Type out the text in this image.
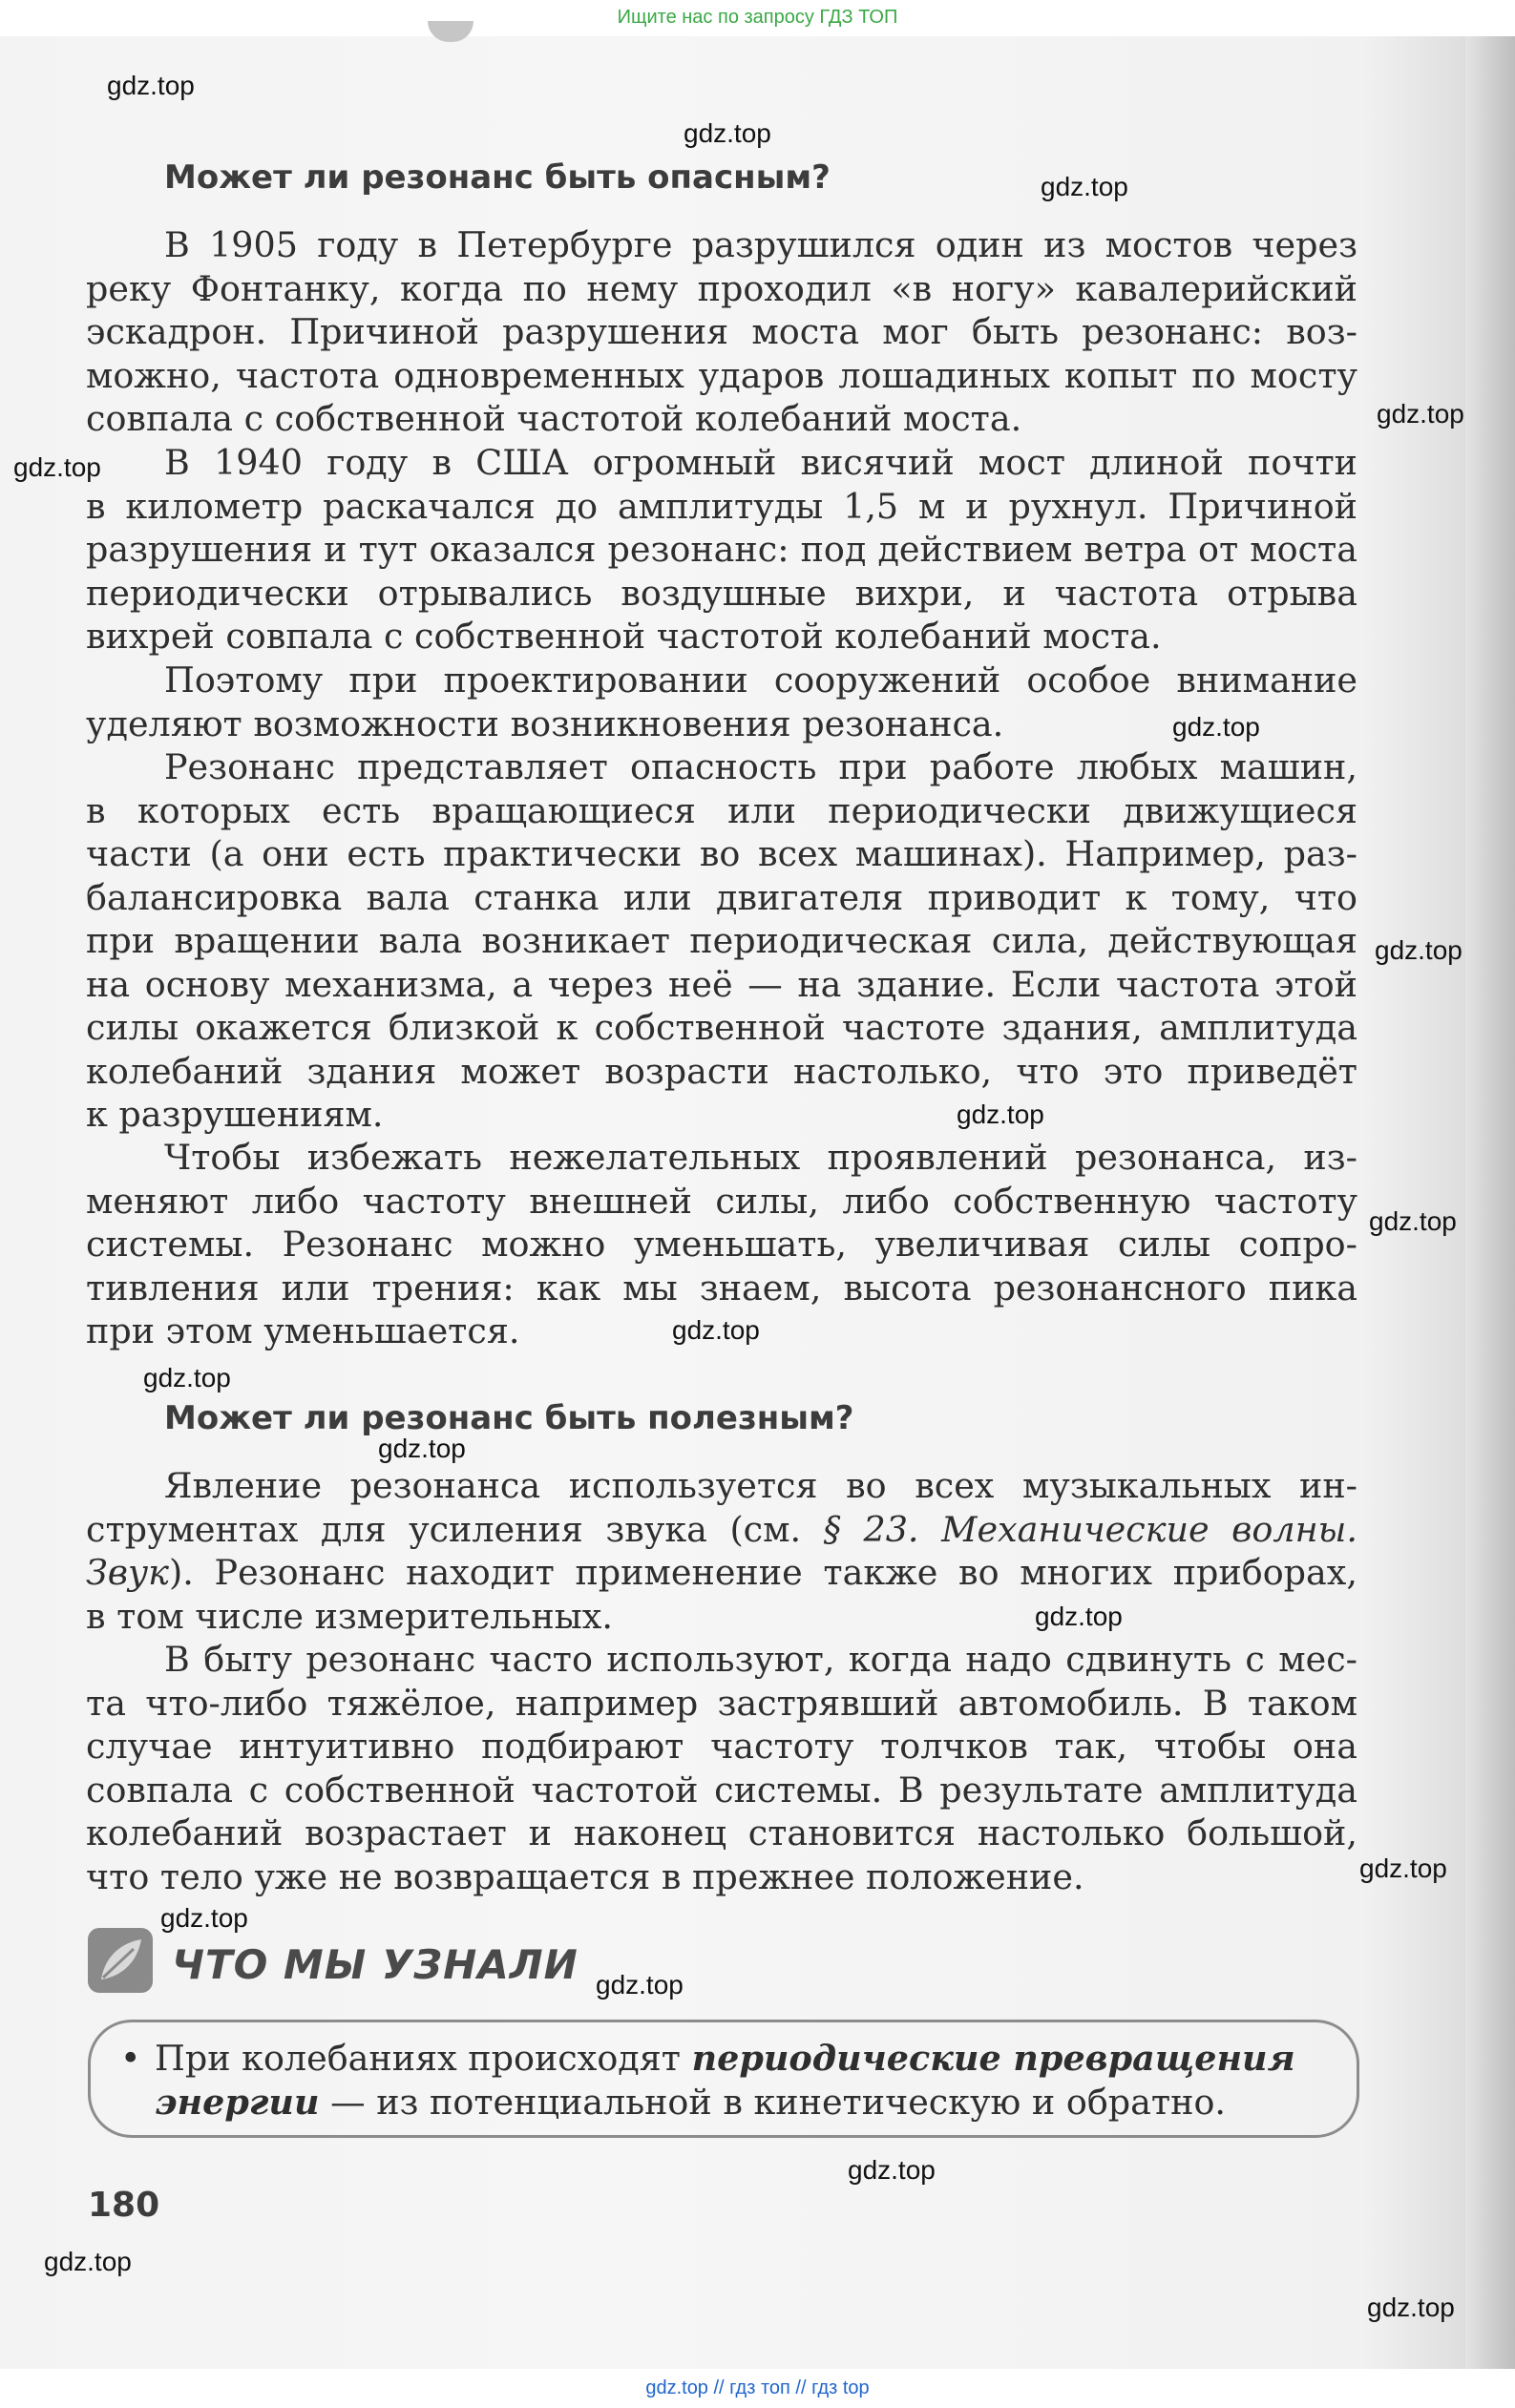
Ищите нас по запросу ГДЗ ТОП
Может ли резонанс быть опасным?
В 1905 году в Петербурге разрушился один из мостов через
реку Фонтанку, когда по нему проходил «в ногу» кавалерийский
эскадрон. Причиной разрушения моста мог быть резонанс: воз-
можно, частота одновременных ударов лошадиных копыт по мосту
совпала с собственной частотой колебаний моста.
В 1940 году в США огромный висячий мост длиной почти
в километр раскачался до амплитуды 1,5 м и рухнул. Причиной
разрушения и тут оказался резонанс: под действием ветра от моста
периодически отрывались воздушные вихри, и частота отрыва
вихрей совпала с собственной частотой колебаний моста.
Поэтому при проектировании сооружений особое внимание
уделяют возможности возникновения резонанса.
Резонанс представляет опасность при работе любых машин,
в которых есть вращающиеся или периодически движущиеся
части (а они есть практически во всех машинах). Например, раз-
балансировка вала станка или двигателя приводит к тому, что
при вращении вала возникает периодическая сила, действующая
на основу механизма, а через неё — на здание. Если частота этой
силы окажется близкой к собственной частоте здания, амплитуда
колебаний здания может возрасти настолько, что это приведёт
к разрушениям.
Чтобы избежать нежелательных проявлений резонанса, из-
меняют либо частоту внешней силы, либо собственную частоту
системы. Резонанс можно уменьшать, увеличивая силы сопро-
тивления или трения: как мы знаем, высота резонансного пика
при этом уменьшается.
Может ли резонанс быть полезным?
Явление резонанса используется во всех музыкальных ин-
струментах для усиления звука (см. § 23. Механические волны.
Звук). Резонанс находит применение также во многих приборах,
в том числе измерительных.
В быту резонанс часто используют, когда надо сдвинуть с мес-
та что-либо тяжёлое, например застрявший автомобиль. В таком
случае интуитивно подбирают частоту толчков так, чтобы она
совпала с собственной частотой системы. В результате амплитуда
колебаний возрастает и наконец становится настолько большой,
что тело уже не возвращается в прежнее положение.
ЧТО МЫ УЗНАЛИ
• При колебаниях происходят периодические превращения
энергии — из потенциальной в кинетическую и обратно.
180
gdz.top
gdz.top
gdz.top
gdz.top
gdz.top
gdz.top
gdz.top
gdz.top
gdz.top
gdz.top
gdz.top
gdz.top
gdz.top
gdz.top
gdz.top
gdz.top
gdz.top
gdz.top
gdz.top
gdz.top // гдз топ // гдз top
